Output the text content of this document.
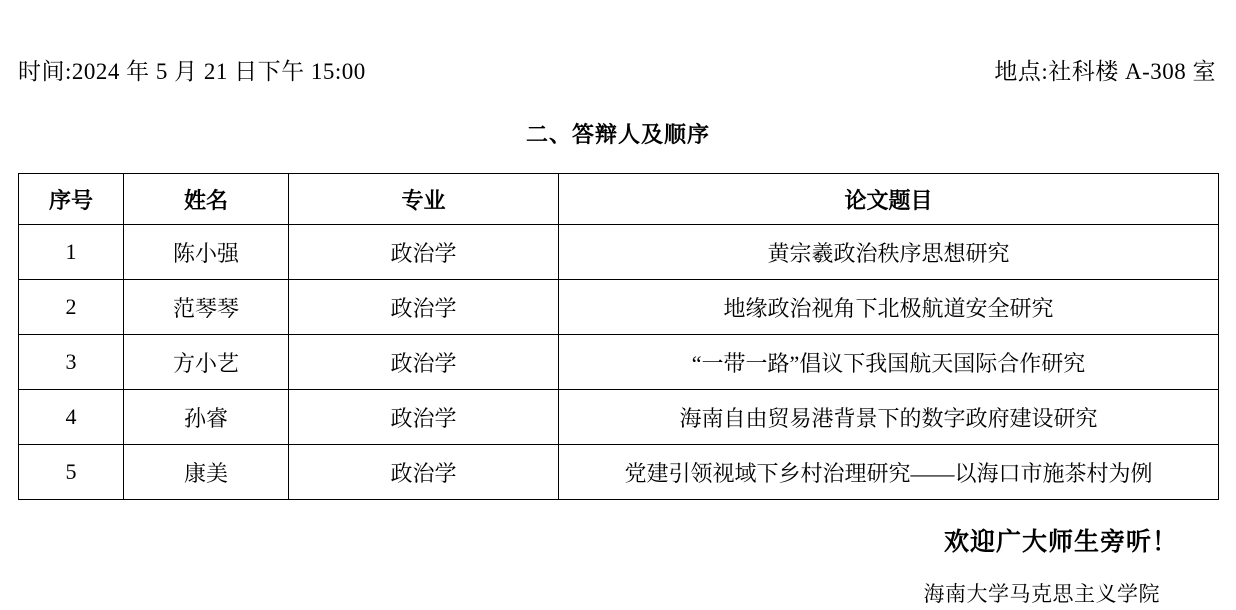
时间:2024 年 5 月 21 日下午 15:00	地点:社科楼 A-308 室
二、答辩人及顺序
序号	姓名	专业	论文题目
1	陈小强	政治学	黄宗羲政治秩序思想研究
2	范琴琴	政治学	地缘政治视角下北极航道安全研究
3	方小艺	政治学	“一带一路”倡议下我国航天国际合作研究
4	孙睿	政治学	海南自由贸易港背景下的数字政府建设研究
5	康美	政治学	党建引领视域下乡村治理研究——以海口市施茶村为例
欢迎广大师生旁听！
海南大学马克思主义学院
